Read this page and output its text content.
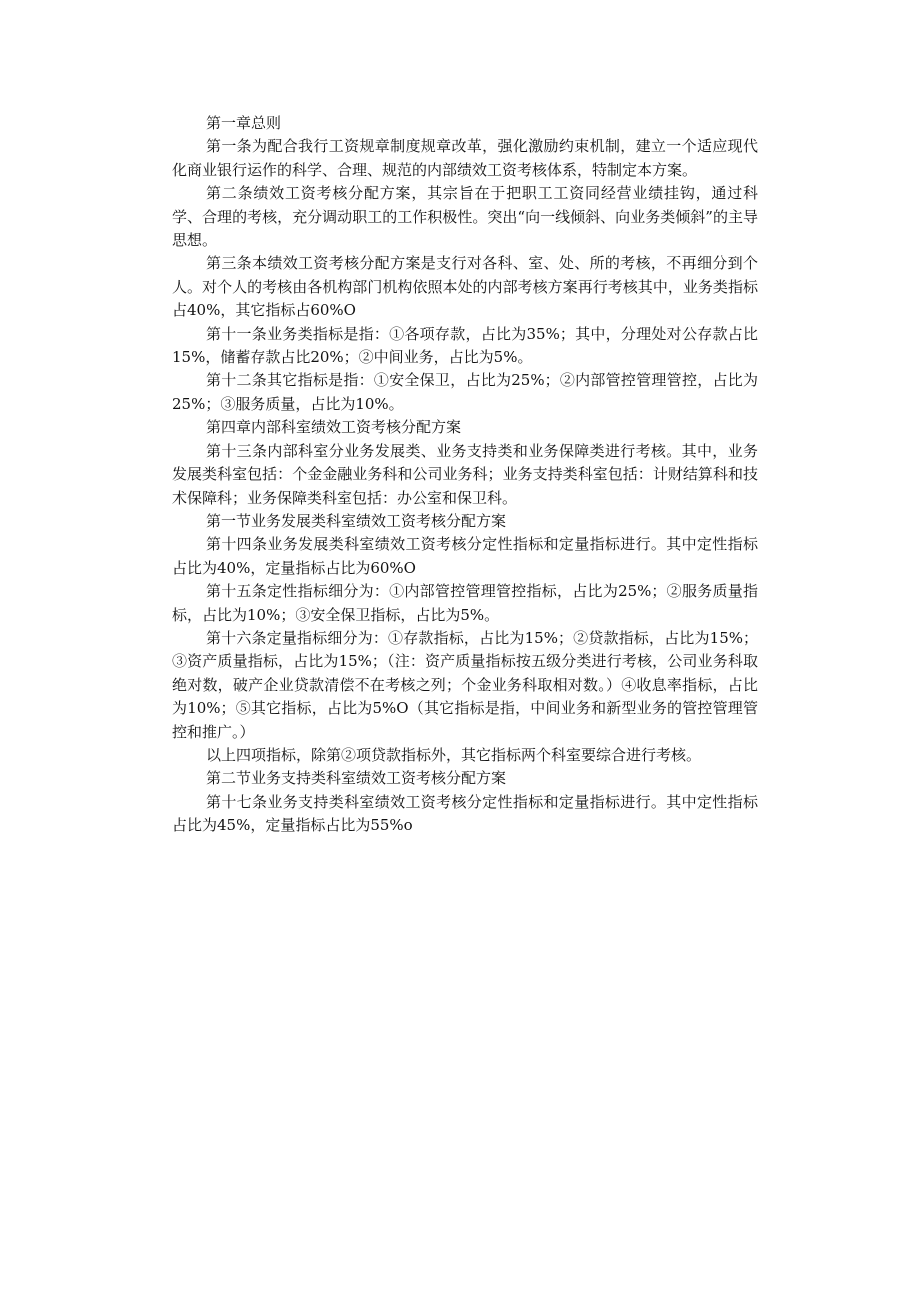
第一章总则

第一条为配合我行工资规章制度规章改革，强化激励约束机制，建立一个适应现代化商业银行运作的科学、合理、规范的内部绩效工资考核体系，特制定本方案。

第二条绩效工资考核分配方案，其宗旨在于把职工工资同经营业绩挂钩，通过科学、合理的考核，充分调动职工的工作积极性。突出“向一线倾斜、向业务类倾斜”的主导思想。

第三条本绩效工资考核分配方案是支行对各科、室、处、所的考核，不再细分到个人。对个人的考核由各机构部门机构依照本处的内部考核方案再行考核其中，业务类指标占40%，其它指标占60%O

第十一条业务类指标是指：①各项存款，占比为35%；其中，分理处对公存款占比15%，储蓄存款占比20%；②中间业务，占比为5%。

第十二条其它指标是指：①安全保卫，占比为25%；②内部管控管理管控，占比为25%；③服务质量，占比为10%。

第四章内部科室绩效工资考核分配方案

第十三条内部科室分业务发展类、业务支持类和业务保障类进行考核。其中，业务发展类科室包括：个金金融业务科和公司业务科；业务支持类科室包括：计财结算科和技术保障科；业务保障类科室包括：办公室和保卫科。

第一节业务发展类科室绩效工资考核分配方案

第十四条业务发展类科室绩效工资考核分定性指标和定量指标进行。其中定性指标占比为40%，定量指标占比为60%O

第十五条定性指标细分为：①内部管控管理管控指标，占比为25%；②服务质量指标，占比为10%；③安全保卫指标，占比为5%。

第十六条定量指标细分为：①存款指标，占比为15%；②贷款指标，占比为15%；③资产质量指标，占比为15%；（注：资产质量指标按五级分类进行考核，公司业务科取绝对数，破产企业贷款清偿不在考核之列；个金业务科取相对数。）④收息率指标，占比为10%；⑤其它指标，占比为5%O（其它指标是指，中间业务和新型业务的管控管理管控和推广。）

以上四项指标，除第②项贷款指标外，其它指标两个科室要综合进行考核。

第二节业务支持类科室绩效工资考核分配方案

第十七条业务支持类科室绩效工资考核分定性指标和定量指标进行。其中定性指标占比为45%，定量指标占比为55%o
